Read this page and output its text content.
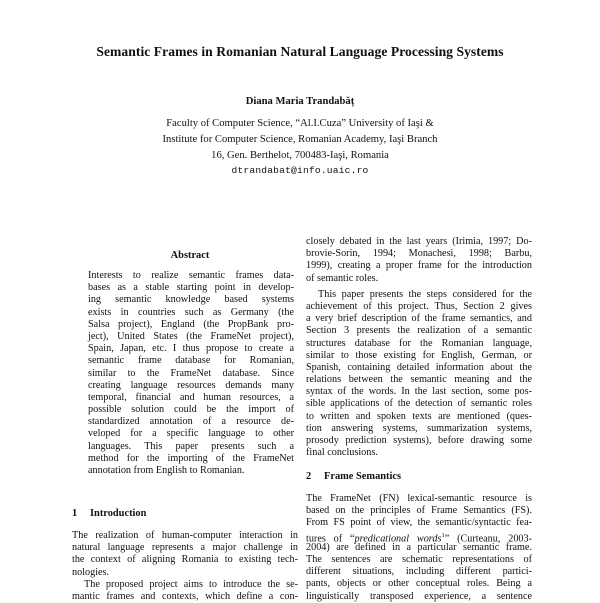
Semantic Frames in Romanian Natural Language Processing Systems
Diana Maria Trandabăț
Faculty of Computer Science, “Al.I.Cuza” University of Iaşi &
Institute for Computer Science, Romanian Academy, Iaşi Branch
16, Gen. Berthelot, 700483-Iaşi, Romania
dtrandabat@info.uaic.ro
Abstract
Interests to realize semantic frames data-
bases as a stable starting point in develop-
ing semantic knowledge based systems
exists in countries such as Germany (the
Salsa project), England (the PropBank pro-
ject), United States (the FrameNet project),
Spain, Japan, etc. I thus propose to create a
semantic frame database for Romanian,
similar to the FrameNet database. Since
creating language resources demands many
temporal, financial and human resources, a
possible solution could be the import of
standardized annotation of a resource de-
veloped for a specific language to other
languages. This paper presents such a
method for the importing of the FrameNet
annotation from English to Romanian.
1 Introduction
The realization of human-computer interaction in
natural language represents a major challenge in
the context of aligning Romania to existing tech-
nologies.
The proposed project aims to introduce the se-
mantic frames and contexts, which define a con-
closely debated in the last years (Irimia, 1997; Do-
brovie-Sorin, 1994; Monachesi, 1998; Barbu,
1999), creating a proper frame for the introduction
of semantic roles.
This paper presents the steps considered for the
achievement of this project. Thus, Section 2 gives
a very brief description of the frame semantics, and
Section 3 presents the realization of a semantic
structures database for the Romanian language,
similar to those existing for English, German, or
Spanish, containing detailed information about the
relations between the semantic meaning and the
syntax of the words. In the last section, some pos-
sible applications of the detection of semantic roles
to written and spoken texts are mentioned (ques-
tion answering systems, summarization systems,
prosody prediction systems), before drawing some
final conclusions.
2 Frame Semantics
The FrameNet (FN) lexical-semantic resource is
based on the principles of Frame Semantics (FS).
From FS point of view, the semantic/syntactic fea-
tures of “predicational words$^1$” (Curteanu, 2003-
2004) are defined in a particular semantic frame.
The sentences are schematic representations of
different situations, including different partici-
pants, objects or other conceptual roles. Being a
linguistically transposed experience, a sentence
